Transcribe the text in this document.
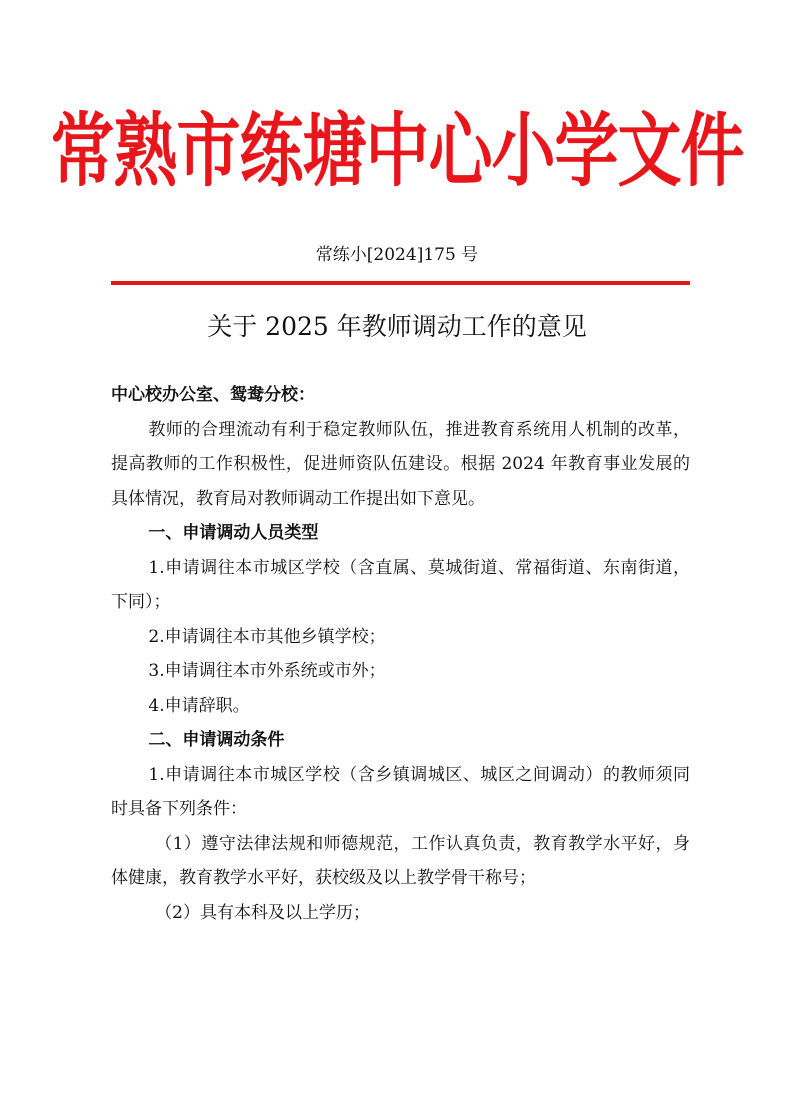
常熟市练塘中心小学文件
常练小[2024]175 号
关于 2025 年教师调动工作的意见

中心校办公室、鸳鸯分校：

教师的合理流动有利于稳定教师队伍，推进教育系统用人机制的改革，提高教师的工作积极性，促进师资队伍建设。根据 2024 年教育事业发展的具体情况，教育局对教师调动工作提出如下意见。

一、申请调动人员类型

1.申请调往本市城区学校（含直属、莫城街道、常福街道、东南街道，下同）；

2.申请调往本市其他乡镇学校；

3.申请调往本市外系统或市外；

4.申请辞职。

二、申请调动条件

1.申请调往本市城区学校（含乡镇调城区、城区之间调动）的教师须同时具备下列条件：

（1）遵守法律法规和师德规范，工作认真负责，教育教学水平好，身体健康，教育教学水平好，获校级及以上教学骨干称号；

（2）具有本科及以上学历；
